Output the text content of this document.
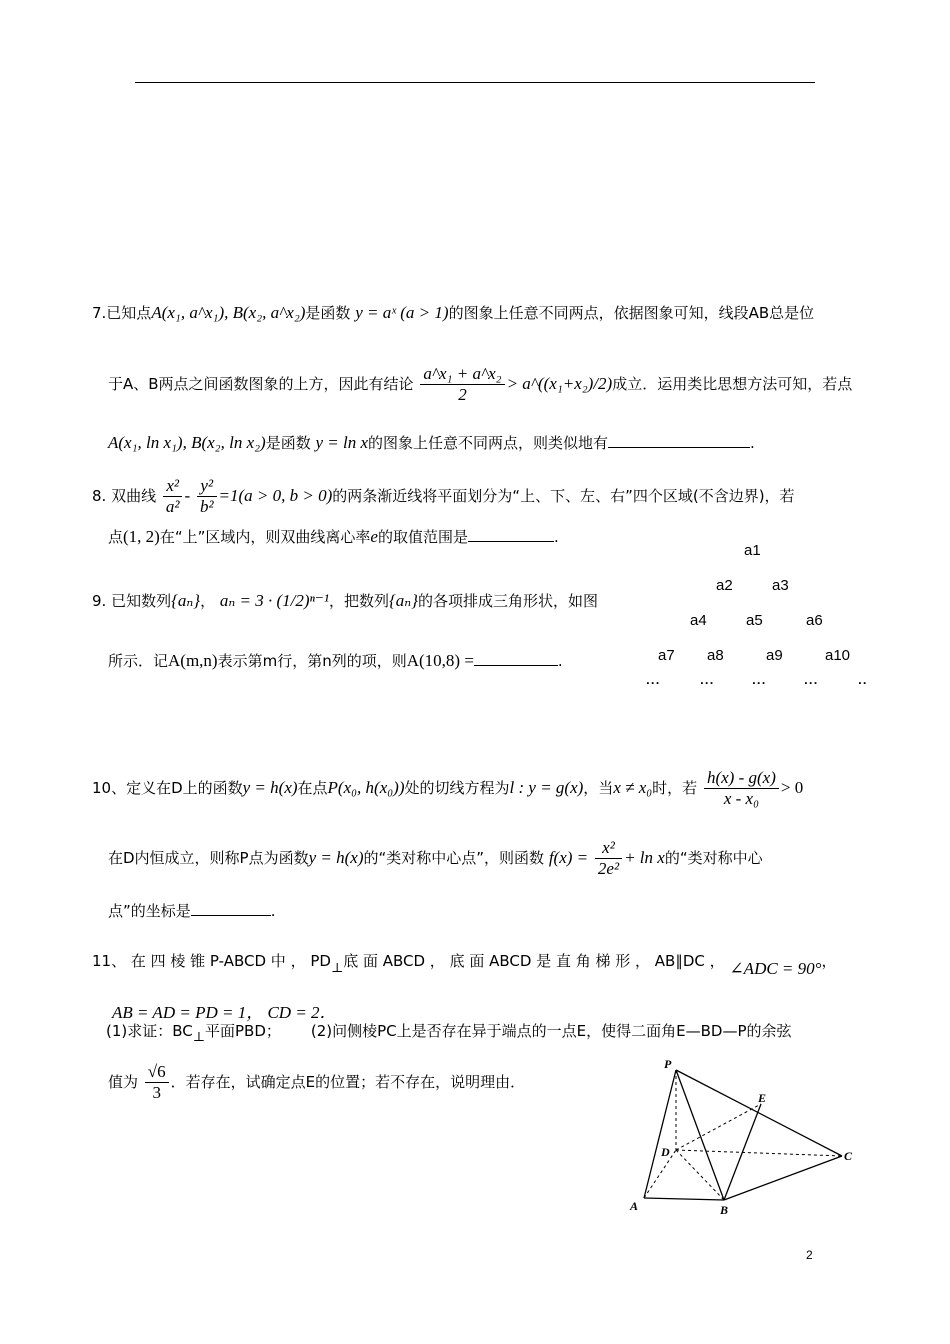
7.已知点A(x₁, a^x₁), B(x₂, a^x₂)是函数 y = aˣ (a > 1)的图象上任意不同两点，依据图象可知，线段AB总是位
于A、B两点之间函数图象的上方，因此有结论 $\frac{\text{a\textasciicircum{}x₁ + a\textasciicircum{}x₂}}{2}$ > a^((x₁+x₂)/2)成立．运用类比思想方法可知，若点
A(x₁, ln x₁), B(x₂, ln x₂)是函数 y = ln x的图象上任意不同两点，则类似地有	.
8. 双曲线 $\frac{\text{x²}}{\text{a²}} - \frac{\text{y²}}{\text{b²}} =1(a > 0$, b > 0)的两条渐近线将平面划分为“上、下、左、右”四个区域(不含边界)，若
点(1, 2)在“上”区域内，则双曲线离心率e的取值范围是	.
9. 已知数列{aₙ}， aₙ = 3 · (1/2)ⁿ⁻¹，把数列{aₙ}的各项排成三角形状，如图
所示．记A(m,n)表示第m行，第n列的项，则A(10,8) =	.
a1
a2	a3
a4	a5	a6
a7 a8	a9	a10
...	...	...	...	..
10、定义在D上的函数y = h(x)在点P(x₀, h(x₀))处的切线方程为l : y = g(x)，当x ≠ x₀时，若 $\frac{h(x) - g(x)}{\text{x - x₀}} > 0$
在D内恒成立，则称P点为函数y = h(x)的“类对称中心点”，则函数 $f(x) = \frac{\text{x²}}{\text{2e²}} + \ln x$的“类对称中心
点”的坐标是	.
11、 在 四 棱 锥 P-ABCD 中 ， PD⊥底 面 ABCD ， 底 面 ABCD 是 直 角 梯 形 ， AB∥DC ， ∠ADC = 90°，
AB = AD = PD = 1， CD = 2．
(1)求证：BC⊥平面PBD； (2)问侧棱PC上是否存在异于端点的一点E，使得二面角E—BD—P的余弦
值为 $\frac{√6}{3}$ ．若存在，试确定点E的位置；若不存在，说明理由．
P
E
D	C
A	B
2
